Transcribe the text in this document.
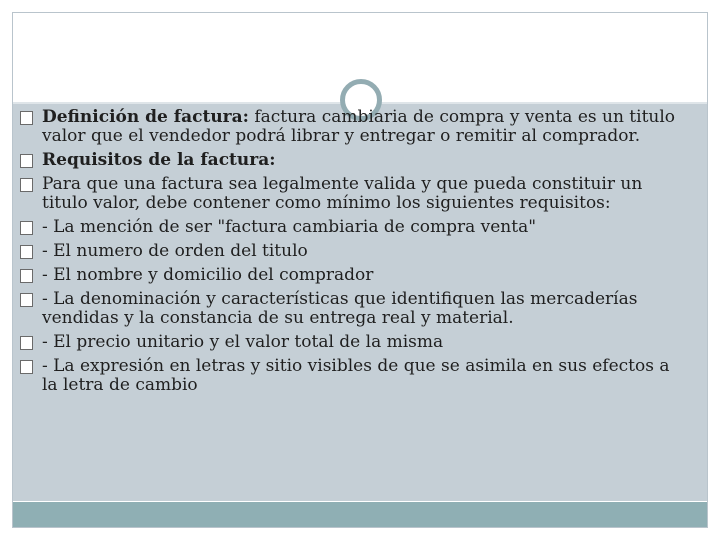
Definición de factura: factura cambiaria de compra y venta es un titulo valor que el vendedor podrá librar y entregar o remitir al comprador.
Requisitos de la factura:
Para que una factura sea legalmente valida y que pueda constituir un titulo valor, debe contener como mínimo los siguientes requisitos:
- La mención de ser "factura cambiaria de compra venta"
- El numero de orden del titulo
- El nombre y domicilio del comprador
- La denominación y características que identifiquen las mercaderías vendidas y la constancia de su entrega real y material.
- El precio unitario y el valor total de la misma
- La expresión en letras y sitio visibles de que se asimila en sus efectos a la letra de cambio
